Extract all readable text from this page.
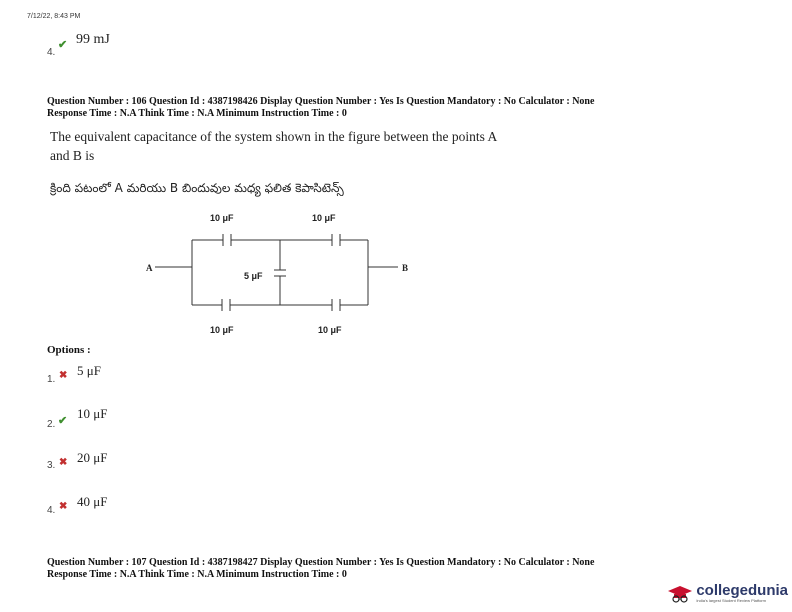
7/12/22, 8:43 PM
4.
✔ 99 mJ
Question Number : 106 Question Id : 4387198426 Display Question Number : Yes Is Question Mandatory : No Calculator : None
Response Time : N.A Think Time : N.A Minimum Instruction Time : 0
The equivalent capacitance of the system shown in the figure between the points A
and B is
క్రింది పటంలో A మరియు B బిందువుల మధ్య ఫలిత కెపాసిటెన్స్
10 μF	10 μF
5 μF
10 μF	10 μF
A	B
Options :
1. ✖ 5 μF
2. ✔ 10 μF
3. ✖ 20 μF
4. ✖ 40 μF
Question Number : 107 Question Id : 4387198427 Display Question Number : Yes Is Question Mandatory : No Calculator : None
Response Time : N.A Think Time : N.A Minimum Instruction Time : 0
collegedunia
India's largest Student Review Platform
